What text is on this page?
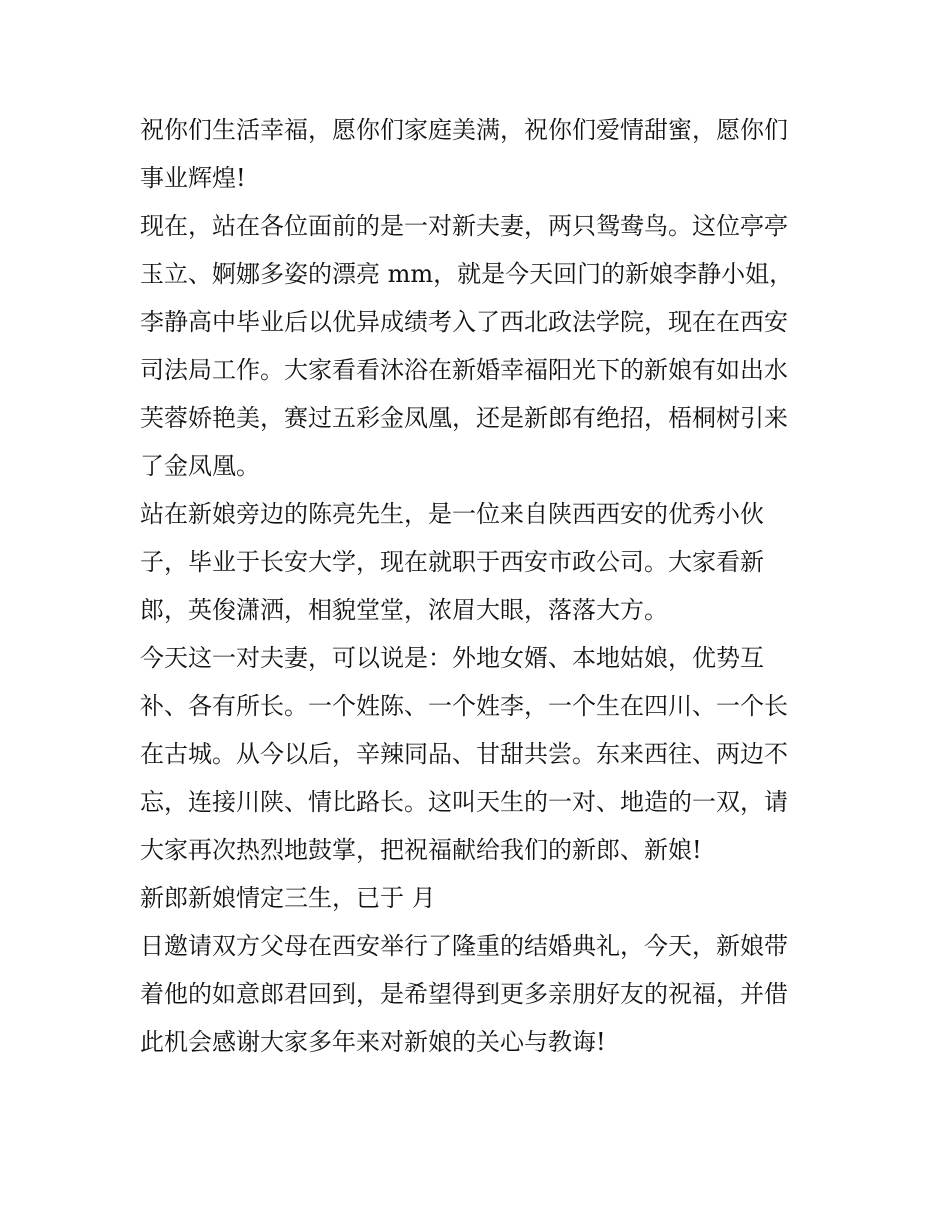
祝你们生活幸福，愿你们家庭美满，祝你们爱情甜蜜，愿你们
事业辉煌!
现在，站在各位面前的是一对新夫妻，两只鸳鸯鸟。这位亭亭
玉立、婀娜多姿的漂亮 mm，就是今天回门的新娘李静小姐，
李静高中毕业后以优异成绩考入了西北政法学院，现在在西安
司法局工作。大家看看沐浴在新婚幸福阳光下的新娘有如出水
芙蓉娇艳美，赛过五彩金凤凰，还是新郎有绝招，梧桐树引来
了金凤凰。
站在新娘旁边的陈亮先生，是一位来自陕西西安的优秀小伙
子，毕业于长安大学，现在就职于西安市政公司。大家看新
郎，英俊潇洒，相貌堂堂，浓眉大眼，落落大方。
今天这一对夫妻，可以说是：外地女婿、本地姑娘，优势互
补、各有所长。一个姓陈、一个姓李，一个生在四川、一个长
在古城。从今以后，辛辣同品、甘甜共尝。东来西往、两边不
忘，连接川陕、情比路长。这叫天生的一对、地造的一双，请
大家再次热烈地鼓掌，把祝福献给我们的新郎、新娘!
新郎新娘情定三生，已于 月
日邀请双方父母在西安举行了隆重的结婚典礼，今天，新娘带
着他的如意郎君回到，是希望得到更多亲朋好友的祝福，并借
此机会感谢大家多年来对新娘的关心与教诲!
